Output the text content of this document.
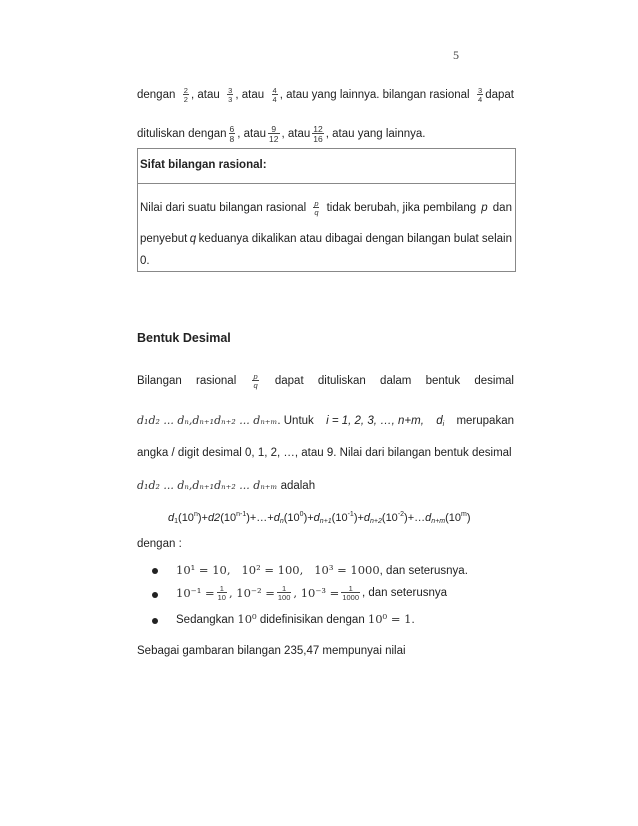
5
dengan $\frac{2}{2}$ , atau $\frac{3}{3}$ , atau $\frac{4}{4}$ , atau yang lainnya. bilangan rasional $\frac{3}{4}$ dapat
dituliskan dengan $\frac{6}{8}$ , atau $\frac{9}{12}$ , atau $\frac{12}{16}$ , atau yang lainnya.
Sifat bilangan rasional:
Nilai dari suatu bilangan rasional $\frac{p}{q}$ tidak berubah, jika pembilang p dan
penyebut q keduanya dikalikan atau dibagai dengan bilangan bulat selain
0.
Bentuk Desimal
Bilangan rasional $\frac{p}{q}$ dapat dituliskan dalam bentuk desimal
d₁d₂ ... dₙ,dₙ₊₁dₙ₊₂ ... dₙ₊ₘ. Untuk i = 1, 2, 3, …, n+m, $d_i$ merupakan
angka / digit desimal 0, 1, 2, …, atau 9. Nilai dari bilangan bentuk desimal
d₁d₂ ... dₙ,dₙ₊₁dₙ₊₂ ... dₙ₊ₘ adalah
$d_1(10^n)+d2(10^{n-1})+\dots+d_n(10^0)+d_{n+1}(10^{-1})+d_{n+2}(10^{-2})+\dots d_{n+m}(10^m)$
dengan :
10¹ = 10,   10² = 100,   10³ = 1000, dan seterusnya.
$10^{-1} = \frac{1}{10}$ , $10^{-2} = \frac{1}{100}$ , $10^{-3} = \frac{1}{1000}$ , dan seterusnya
Sedangkan 10⁰ didefinisikan dengan 10⁰ = 1.
Sebagai gambaran bilangan 235,47 mempunyai nilai
